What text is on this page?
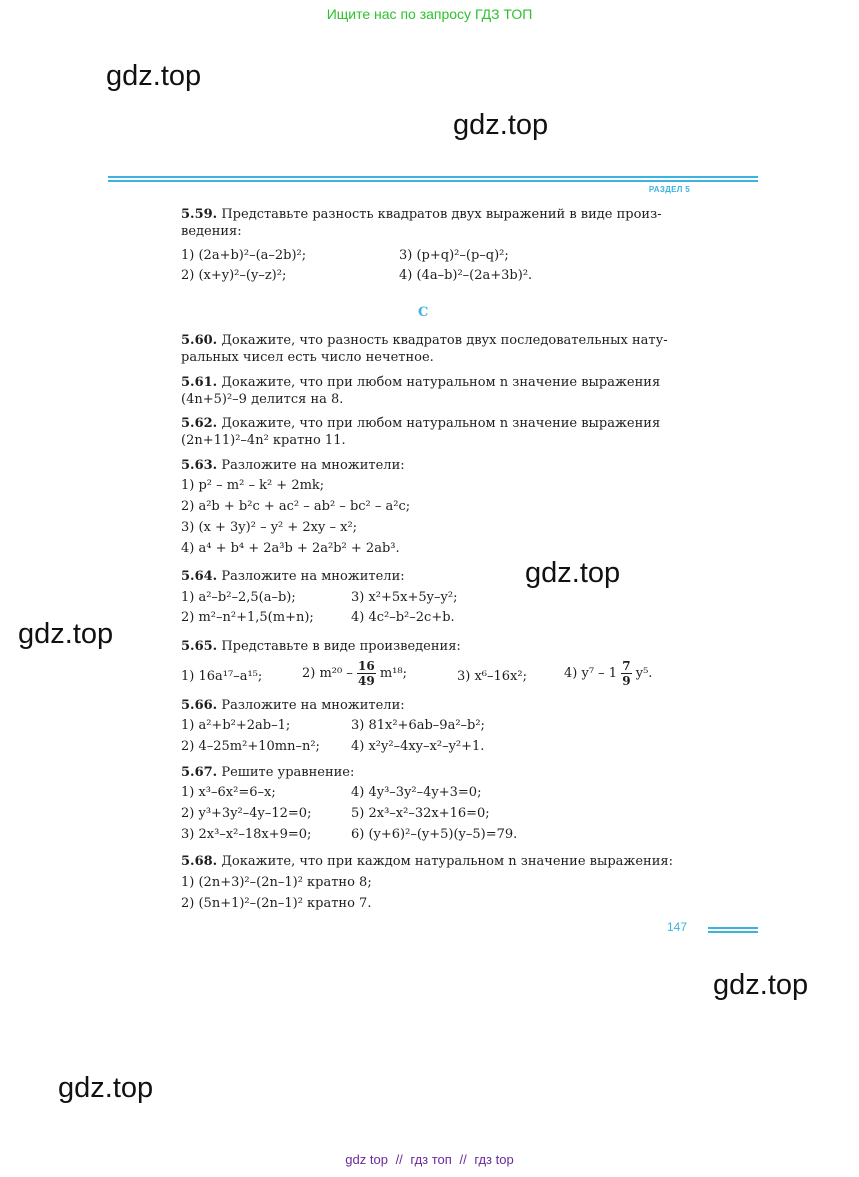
Ищите нас по запросу ГДЗ ТОП
gdz.top
gdz.top
РАЗДЕЛ 5
5.59. Представьте разность квадратов двух выражений в виде произ-
ведения:
1) (2a+b)²–(a–2b)²;	3) (p+q)²–(p–q)²;
2) (x+y)²–(y–z)²;	4) (4a–b)²–(2a+3b)².
5.60. Докажите, что разность квадратов двух последовательных нату-
ральных чисел есть число нечетное.
5.61. Докажите, что при любом натуральном n значение выражения
(4n+5)²–9 делится на 8.
5.62. Докажите, что при любом натуральном n значение выражения
(2n+11)²–4n² кратно 11.
5.63. Разложите на множители:
1) p² – m² – k² + 2mk;
2) a²b + b²c + ac² – ab² – bc² – a²c;
3) (x + 3y)² – y² + 2xy – x²;
4) a⁴ + b⁴ + 2a³b + 2a²b² + 2ab³.
5.64. Разложите на множители:
1) a²–b²–2,5(a–b);	3) x²+5x+5y–y²;
2) m²–n²+1,5(m+n);	4) 4c²–b²–2c+b.
5.65. Представьте в виде произведения:
1) 16a¹⁷–a¹⁵;	2) $m^{20} - \frac{16}{49} m^{18}$;	3) x⁶–16x²;	4) $y^7 - 1 \frac{7}{9} y^5$.
5.66. Разложите на множители:
1) a²+b²+2ab–1;	3) 81x²+6ab–9a²–b²;
2) 4–25m²+10mn–n²; 4) x²y²–4xy–x²–y²+1.
5.67. Решите уравнение:
1) x³–6x²=6–x;	4) 4y³–3y²–4y+3=0;
2) y³+3y²–4y–12=0;	5) 2x³–x²–32x+16=0;
3) 2x³–x²–18x+9=0;	6) (y+6)²–(y+5)(y–5)=79.
5.68. Докажите, что при каждом натуральном n значение выражения:
1) (2n+3)²–(2n–1)² кратно 8;
2) (5n+1)²–(2n–1)² кратно 7.
C
gdz.top
gdz.top
147
gdz.top
gdz.top
gdz top // гдз топ // гдз top
